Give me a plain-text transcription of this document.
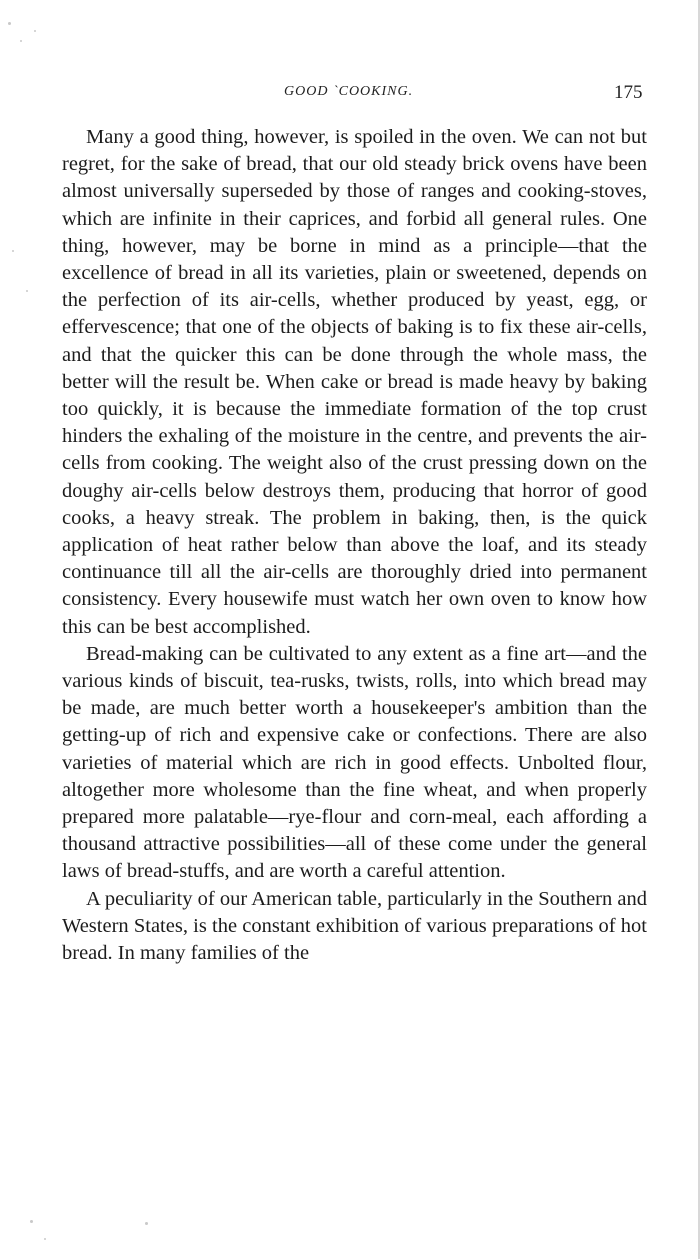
GOOD `COOKING.	175

Many a good thing, however, is spoiled in the oven. We can not but regret, for the sake of bread, that our old steady brick ovens have been almost universally superseded by those of ranges and cooking-stoves, which are infinite in their caprices, and forbid all general rules. One thing, however, may be borne in mind as a principle—that the excellence of bread in all its varieties, plain or sweetened, depends on the perfection of its air-cells, whether produced by yeast, egg, or effervescence; that one of the objects of baking is to fix these air-cells, and that the quicker this can be done through the whole mass, the better will the result be. When cake or bread is made heavy by baking too quickly, it is because the immediate formation of the top crust hinders the exhaling of the moisture in the centre, and prevents the air-cells from cooking. The weight also of the crust pressing down on the doughy air-cells below destroys them, producing that horror of good cooks, a heavy streak. The problem in baking, then, is the quick application of heat rather below than above the loaf, and its steady continuance till all the air-cells are thoroughly dried into permanent consistency. Every housewife must watch her own oven to know how this can be best accomplished.

Bread-making can be cultivated to any extent as a fine art—and the various kinds of biscuit, tea-rusks, twists, rolls, into which bread may be made, are much better worth a housekeeper's ambition than the getting-up of rich and expensive cake or confections. There are also varieties of material which are rich in good effects. Unbolted flour, altogether more wholesome than the fine wheat, and when properly prepared more palatable—rye-flour and corn-meal, each affording a thousand attractive possibilities—all of these come under the general laws of bread-stuffs, and are worth a careful attention.

A peculiarity of our American table, particularly in the Southern and Western States, is the constant exhibition of various preparations of hot bread. In many families of the
